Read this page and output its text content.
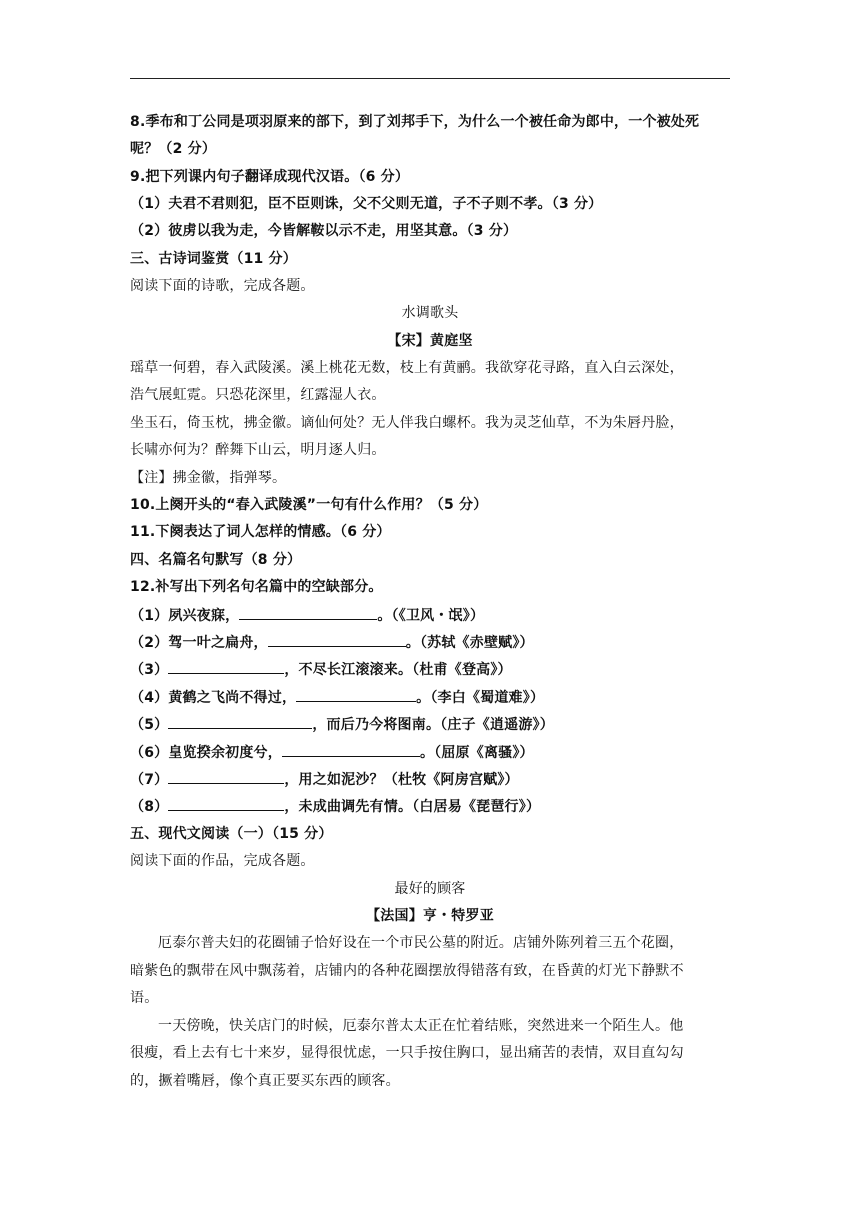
8.季布和丁公同是项羽原来的部下，到了刘邦手下，为什么一个被任命为郎中，一个被处死
呢？（2 分）
9.把下列课内句子翻译成现代汉语。（6 分）
（1）夫君不君则犯，臣不臣则诛，父不父则无道，子不子则不孝。（3 分）
（2）彼虏以我为走，今皆解鞍以示不走，用坚其意。（3 分）
三、古诗词鉴赏（11 分）
阅读下面的诗歌，完成各题。
水调歌头
【宋】黄庭坚
瑶草一何碧，春入武陵溪。溪上桃花无数，枝上有黄鹂。我欲穿花寻路，直入白云深处，
浩气展虹霓。只恐花深里，红露湿人衣。
坐玉石，倚玉枕，拂金徽。谪仙何处？无人伴我白螺杯。我为灵芝仙草，不为朱唇丹脸，
长啸亦何为？醉舞下山云，明月逐人归。
【注】拂金徽，指弹琴。
10.上阕开头的“春入武陵溪”一句有什么作用？（5 分）
11.下阕表达了词人怎样的情感。（6 分）
四、名篇名句默写（8 分）
12.补写出下列名句名篇中的空缺部分。
（1）夙兴夜寐，	。（《卫风・氓》）
（2）驾一叶之扁舟，	。（苏轼《赤壁赋》）
（3）	，不尽长江滚滚来。（杜甫《登高》）
（4）黄鹤之飞尚不得过，	。（李白《蜀道难》）
（5）	，而后乃今将图南。（庄子《逍遥游》）
（6）皇览揆余初度兮，	。（屈原《离骚》）
（7）	，用之如泥沙？（杜牧《阿房宫赋》）
（8）	，未成曲调先有情。（白居易《琵琶行》）
五、现代文阅读（一）（15 分）
阅读下面的作品，完成各题。
最好的顾客
【法国】亨・特罗亚
厄泰尔普夫妇的花圈铺子恰好设在一个市民公墓的附近。店铺外陈列着三五个花圈，
暗紫色的飘带在风中飘荡着，店铺内的各种花圈摆放得错落有致，在昏黄的灯光下静默不
语。
一天傍晚，快关店门的时候，厄泰尔普太太正在忙着结账，突然进来一个陌生人。他
很瘦，看上去有七十来岁，显得很忧虑，一只手按住胸口，显出痛苦的表情，双目直勾勾
的，撅着嘴唇，像个真正要买东西的顾客。
